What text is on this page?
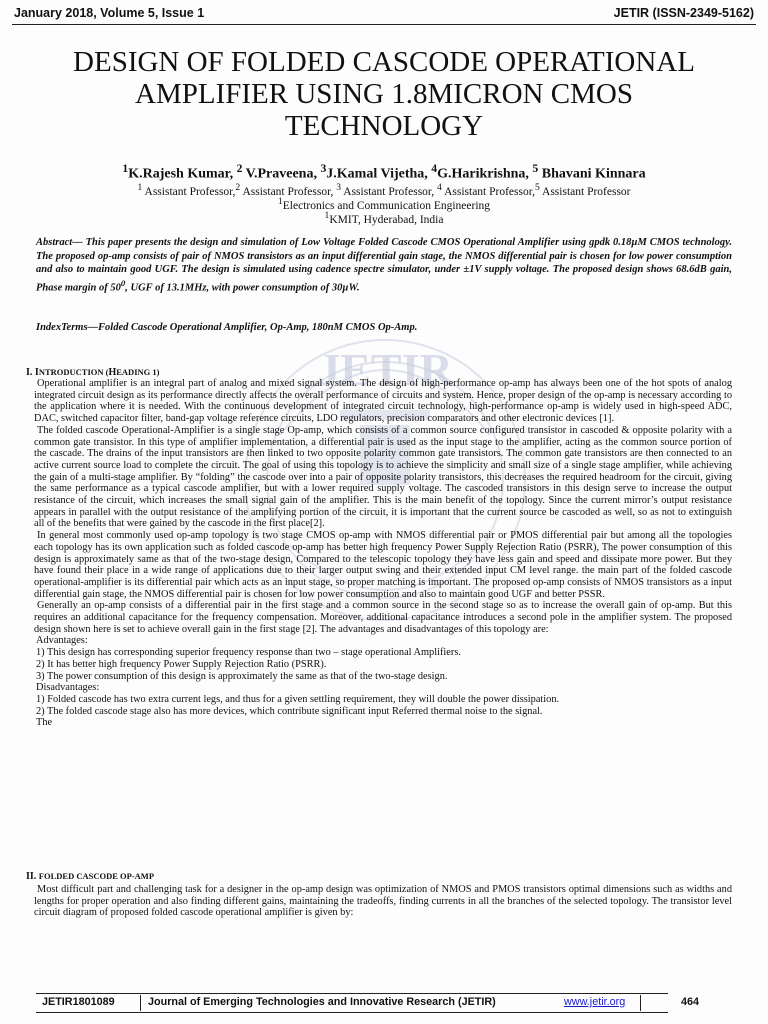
January 2018, Volume 5, Issue 1	JETIR (ISSN-2349-5162)
JETIR
DESIGN OF FOLDED CASCODE OPERATIONAL
AMPLIFIER USING 1.8MICRON CMOS
TECHNOLOGY
$^1$K.Rajesh Kumar, $^2$ V.Praveena, $^3$J.Kamal Vijetha, $^4$G.Harikrishna, $^5$ Bhavani Kinnara
$^1$ Assistant Professor,$^2$ Assistant Professor, $^3$ Assistant Professor, $^4$ Assistant Professor,$^5$ Assistant Professor
$^1$Electronics and Communication Engineering
$^1$KMIT, Hyderabad, India

Abstract— This paper presents the design and simulation of Low Voltage Folded Cascode CMOS Operational Amplifier using gpdk 0.18µM CMOS technology. The proposed op-amp consists of pair of NMOS transistors as an input differential gain stage, the NMOS differential pair is chosen for low power consumption and also to maintain good UGF. The design is simulated using cadence spectre simulator, under ±1V supply voltage. The proposed design shows 68.6dB gain, Phase margin of $50^0$, UGF of 13.1MHz, with power consumption of 30µW.

IndexTerms—Folded Cascode Operational Amplifier, Op-Amp, 180nM CMOS Op-Amp.

I. INTRODUCTION (HEADING 1)

Operational amplifier is an integral part of analog and mixed signal system. The design of high-performance op-amp has always been one of the hot spots of analog integrated circuit design as its performance directly affects the overall performance of circuits and system. Hence, proper design of the op-amp is necessary according to the application where it is needed. With the continuous development of integrated circuit technology, high-performance op-amp is widely used in high-speed ADC, DAC, switched capacitor filter, band-gap voltage reference circuits, LDO regulators, precision comparators and other electronic devices [1].

The folded cascode Operational-Amplifier is a single stage Op-amp, which consists of a common source configured transistor in cascoded & opposite polarity with a common gate transistor. In this type of amplifier implementation, a differential pair is used as the input stage to the amplifier, acting as the common source portion of the cascade. The drains of the input transistors are then linked to two opposite polarity common gate transistors. The common gate transistors are then connected to an active current source load to complete the circuit. The goal of using this topology is to achieve the simplicity and small size of a single stage amplifier, while achieving the gain of a multi-stage amplifier. By “folding” the cascode over into a pair of opposite polarity transistors, this decreases the required headroom for the circuit, giving the same performance as a typical cascode amplifier, but with a lower required supply voltage. The cascoded transistors in this design serve to increase the output resistance of the circuit, which increases the small signal gain of the amplifier. This is the main benefit of the topology. Since the current mirror’s output resistance appears in parallel with the output resistance of the amplifying portion of the circuit, it is important that the current source be cascoded as well, so as not to extinguish all of the benefits that were gained by the cascode in the first place[2].

In general most commonly used op-amp topology is two stage CMOS op-amp with NMOS differential pair or PMOS differential pair but among all the topologies each topology has its own application such as folded cascode op-amp has better high frequency Power Supply Rejection Ratio (PSRR), The power consumption of this design is approximately same as that of the two-stage design, Compared to the telescopic topology they have less gain and speed and dissipate more power. But they have found their place in a wide range of applications due to their larger output swing and their extended input CM level range. the main part of the folded cascode operational-amplifier is its differential pair which acts as an input stage, so proper matching is important. The proposed op-amp consists of NMOS transistors as a input differential gain stage, the NMOS differential pair is chosen for low power consumption and also to maintain good UGF and better PSSR.

Generally an op-amp consists of a differential pair in the first stage and a common source in the second stage so as to increase the overall gain of op-amp. But this requires an additional capacitance for the frequency compensation. Moreover, additional capacitance introduces a second pole in the amplifier system. The proposed design shown here is set to achieve overall gain in the first stage [2]. The advantages and disadvantages of this topology are:

Advantages:
1) This design has corresponding superior frequency response than two – stage operational Amplifiers.
2) It has better high frequency Power Supply Rejection Ratio (PSRR).
3) The power consumption of this design is approximately the same as that of the two-stage design.
Disadvantages:
1) Folded cascode has two extra current legs, and thus for a given settling requirement, they will double the power dissipation.
2) The folded cascode stage also has more devices, which contribute significant input Referred thermal noise to the signal.
The
II. FOLDED CASCODE OP-AMP

Most difficult part and challenging task for a designer in the op-amp design was optimization of NMOS and PMOS transistors optimal dimensions such as widths and lengths for proper operation and also finding different gains, maintaining the tradeoffs, finding currents in all the branches of the selected topology. The transistor level circuit diagram of proposed folded cascode operational amplifier is given by:

JETIR1801089	Journal of Emerging Technologies and Innovative Research (JETIR)	www.jetir.org	464
